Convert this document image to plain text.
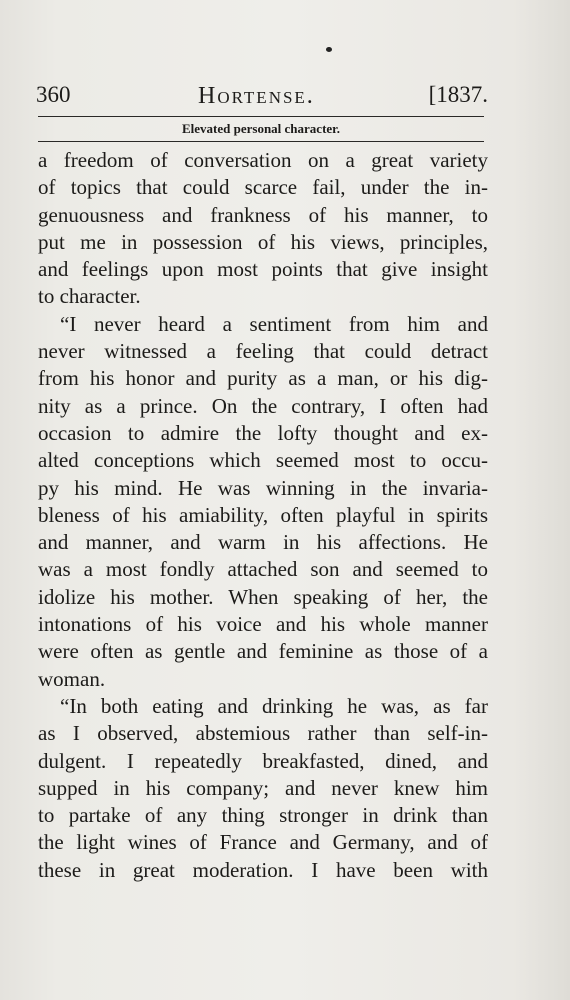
360	Hortense.	[1837.
Elevated personal character.
a freedom of conversation on a great variety
of topics that could scarce fail, under the in-
genuousness and frankness of his manner, to
put me in possession of his views, principles,
and feelings upon most points that give insight
to character.
“I never heard a sentiment from him and
never witnessed a feeling that could detract
from his honor and purity as a man, or his dig-
nity as a prince. On the contrary, I often had
occasion to admire the lofty thought and ex-
alted conceptions which seemed most to occu-
py his mind. He was winning in the invaria-
bleness of his amiability, often playful in spirits
and manner, and warm in his affections. He
was a most fondly attached son and seemed to
idolize his mother. When speaking of her, the
intonations of his voice and his whole manner
were often as gentle and feminine as those of a
woman.
“In both eating and drinking he was, as far
as I observed, abstemious rather than self-in-
dulgent. I repeatedly breakfasted, dined, and
supped in his company; and never knew him
to partake of any thing stronger in drink than
the light wines of France and Germany, and of
these in great moderation. I have been with
